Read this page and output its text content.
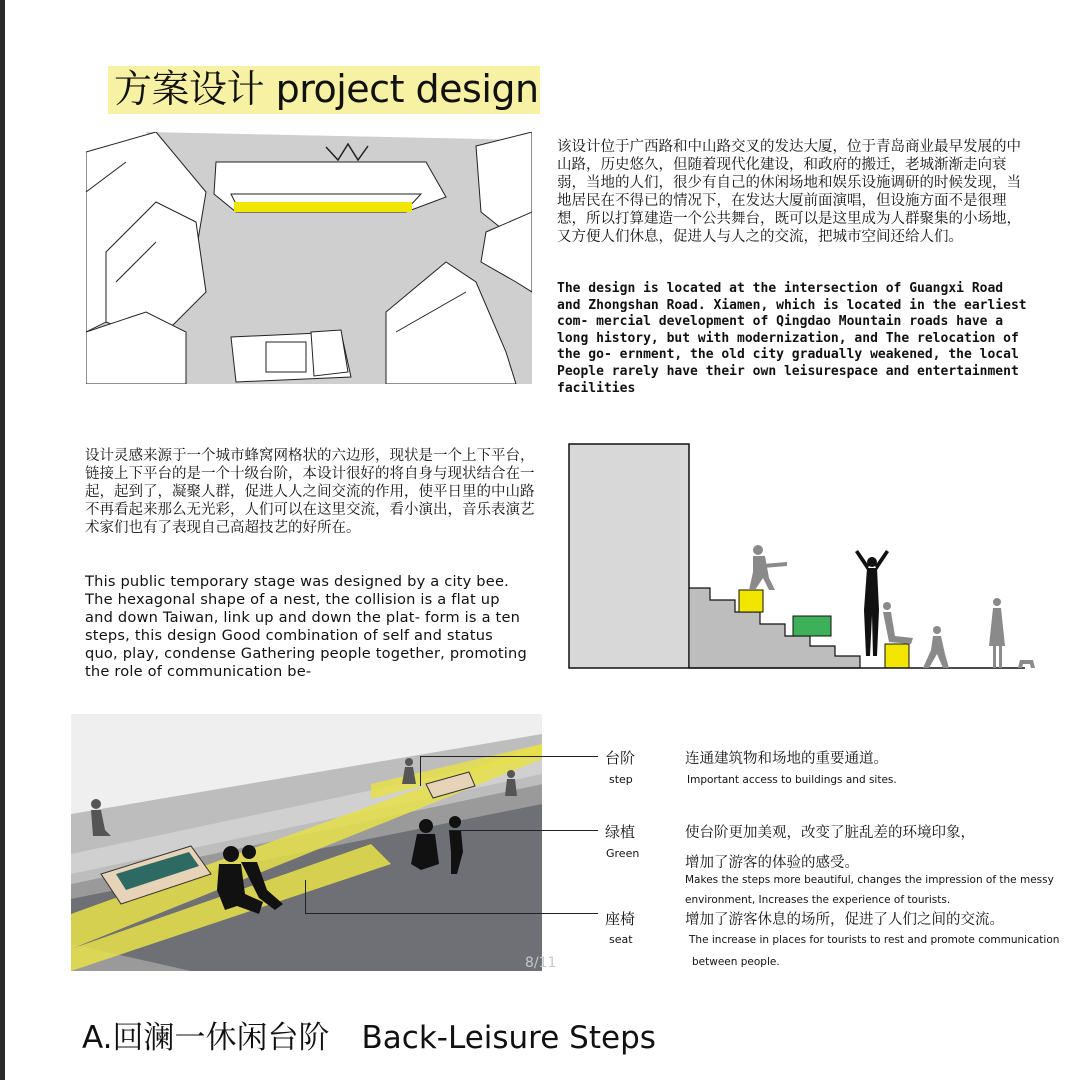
方案设计 project design
该设计位于广西路和中山路交叉的发达大厦，位于青岛商业最早发展的中山路，历史悠久，但随着现代化建设，和政府的搬迁，老城渐渐走向衰弱，当地的人们，很少有自己的休闲场地和娱乐设施调研的时候发现，当地居民在不得已的情况下，在发达大厦前面演唱，但设施方面不是很理想，所以打算建造一个公共舞台，既可以是这里成为人群聚集的小场地，又方便人们休息，促进人与人之的交流，把城市空间还给人们。
The design is located at the intersection of Guangxi Road and Zhongshan Road. Xiamen, which is located in the earliest com- mercial development of Qingdao Mountain roads have a long history, but with modernization, and The relocation of the go- ernment, the old city gradually weakened, the local People rarely have their own leisurespace and entertainment facilities
设计灵感来源于一个城市蜂窝网格状的六边形，现状是一个上下平台，链接上下平台的是一个十级台阶，本设计很好的将自身与现状结合在一起，起到了，凝聚人群，促进人人之间交流的作用，使平日里的中山路不再看起来那么无光彩，人们可以在这里交流，看小演出，音乐表演艺术家们也有了表现自己高超技艺的好所在。
This public temporary stage was designed by a city bee. The hexagonal shape of a nest, the collision is a flat up and down Taiwan, link up and down the plat- form is a ten steps, this design Good combination of self and status quo, play, condense Gathering people together, promoting the role of communication be-
8/11
台阶
step
连通建筑物和场地的重要通道。
Important access to buildings and sites.
绿植
Green
使台阶更加美观，改变了脏乱差的环境印象，
增加了游客的体验的感受。
Makes the steps more beautiful, changes the impression of the messy
environment, Increases the experience of tourists.
座椅
seat
增加了游客休息的场所，促进了人们之间的交流。
The increase in places for tourists to rest and promote communication
between people.
A.回澜一休闲台阶 Back-Leisure Steps
